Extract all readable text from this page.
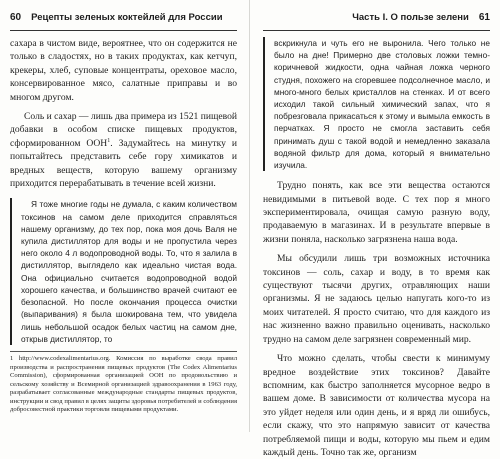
60 Рецепты зеленых коктейлей для России

сахара в чистом виде, вероятнее, что он содержится не только в сладостях, но в таких продуктах, как кетчуп, крекеры, хлеб, суповые концентраты, ореховое масло, консервированное мясо, салатные приправы и во многом другом.

Соль и сахар — лишь два примера из 1521 пищевой добавки в особом списке пищевых продуктов, сформированном ООН$^1$. Задумайтесь на минутку и попытайтесь представить себе гору химикатов и вредных веществ, которую вашему организму приходится перерабатывать в течение всей жизни.

Я тоже многие годы не думала, с каким количеством токсинов на самом деле приходится справляться нашему организму, до тех пор, пока моя дочь Валя не купила дистиллятор для воды и не пропустила через него около 4 л водопроводной воды. То, что я залила в дистиллятор, выглядело как идеально чистая вода. Она официально считается водопроводной водой хорошего качества, и большинство врачей считают ее безопасной. Но после окончания процесса очистки (выпаривания) я была шокирована тем, что увидела лишь небольшой осадок белых частиц на самом дне, открыв дистиллятор, то

1 http://www.codexalimentarius.org. Комиссия по выработке свода правил производства и распространения пищевых продуктов (The Codex Alimentarius Commission), сформированная организацией ООН по продовольствию и сельскому хозяйству и Всемирной организацией здравоохранения в 1963 году, разрабатывает согласованные международные стандарты пищевых продуктов, инструкции и свод правил в целях защиты здоровья потребителей и соблюдения добросовестной практики торговли пищевыми продуктами.
Часть I. О пользе зелени 61

вскрикнула и чуть его не выронила. Чего только не было на дне! Примерно две столовых ложки темно-коричневой жидкости, одна чайная ложка черного студня, похожего на сгоревшее подсолнечное масло, и много-много белых кристаллов на стенках. И от всего исходил такой сильный химический запах, что я побрезговала прикасаться к этому и вымыла емкость в перчатках. Я просто не смогла заставить себя принимать душ с такой водой и немедленно заказала водяной фильтр для дома, который я внимательно изучила.

Трудно понять, как все эти вещества остаются невидимыми в питьевой воде. С тех пор я много экспериментировала, очищая самую разную воду, продаваемую в магазинах. И в результате впервые в жизни поняла, насколько загрязнена наша вода.

Мы обсудили лишь три возможных источника токсинов — соль, сахар и воду, в то время как существуют тысячи других, отравляющих наши организмы. Я не задаюсь целью напугать кого-то из моих читателей. Я просто считаю, что для каждого из нас жизненно важно правильно оценивать, насколько трудно на самом деле загрязнен современный мир.

Что можно сделать, чтобы свести к минимуму вредное воздействие этих токсинов? Давайте вспомним, как быстро заполняется мусорное ведро в вашем доме. В зависимости от количества мусора на это уйдет неделя или один день, и я вряд ли ошибусь, если скажу, что это напрямую зависит от качества потребляемой пищи и воды, которую мы пьем и едим каждый день. Точно так же, организм
